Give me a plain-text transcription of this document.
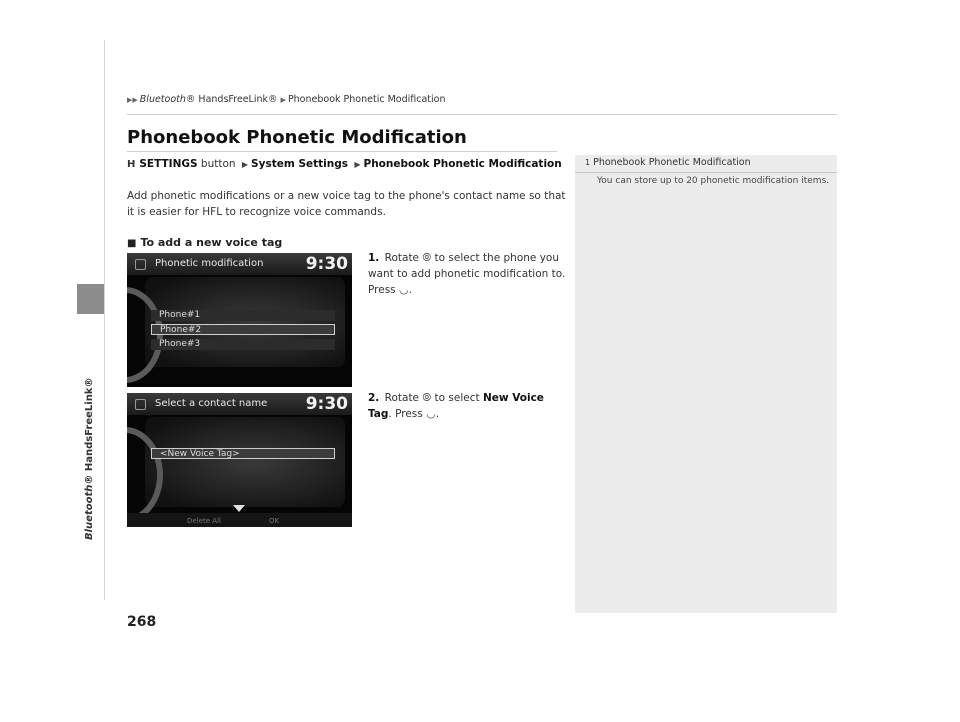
Bluetooth® HandsFreeLink®
▶▶ Bluetooth® HandsFreeLink® ▶ Phonebook Phonetic Modification
Phonebook Phonetic Modification
H SETTINGS button ▶ System Settings ▶ Phonebook Phonetic Modification
Add phonetic modifications or a new voice tag to the phone's contact name so that it is easier for HFL to recognize voice commands.
■ To add a new voice tag
Phonetic modification 9:30
Phone#1
Phone#2
Phone#3
Select a contact name 9:30
<New Voice Tag>
Delete All	OK
1. Rotate ⦾ to select the phone you want to add phonetic modification to. Press ◡.
2. Rotate ⦾ to select New Voice Tag. Press ◡.
1 Phonebook Phonetic Modification
You can store up to 20 phonetic modification items.
268
